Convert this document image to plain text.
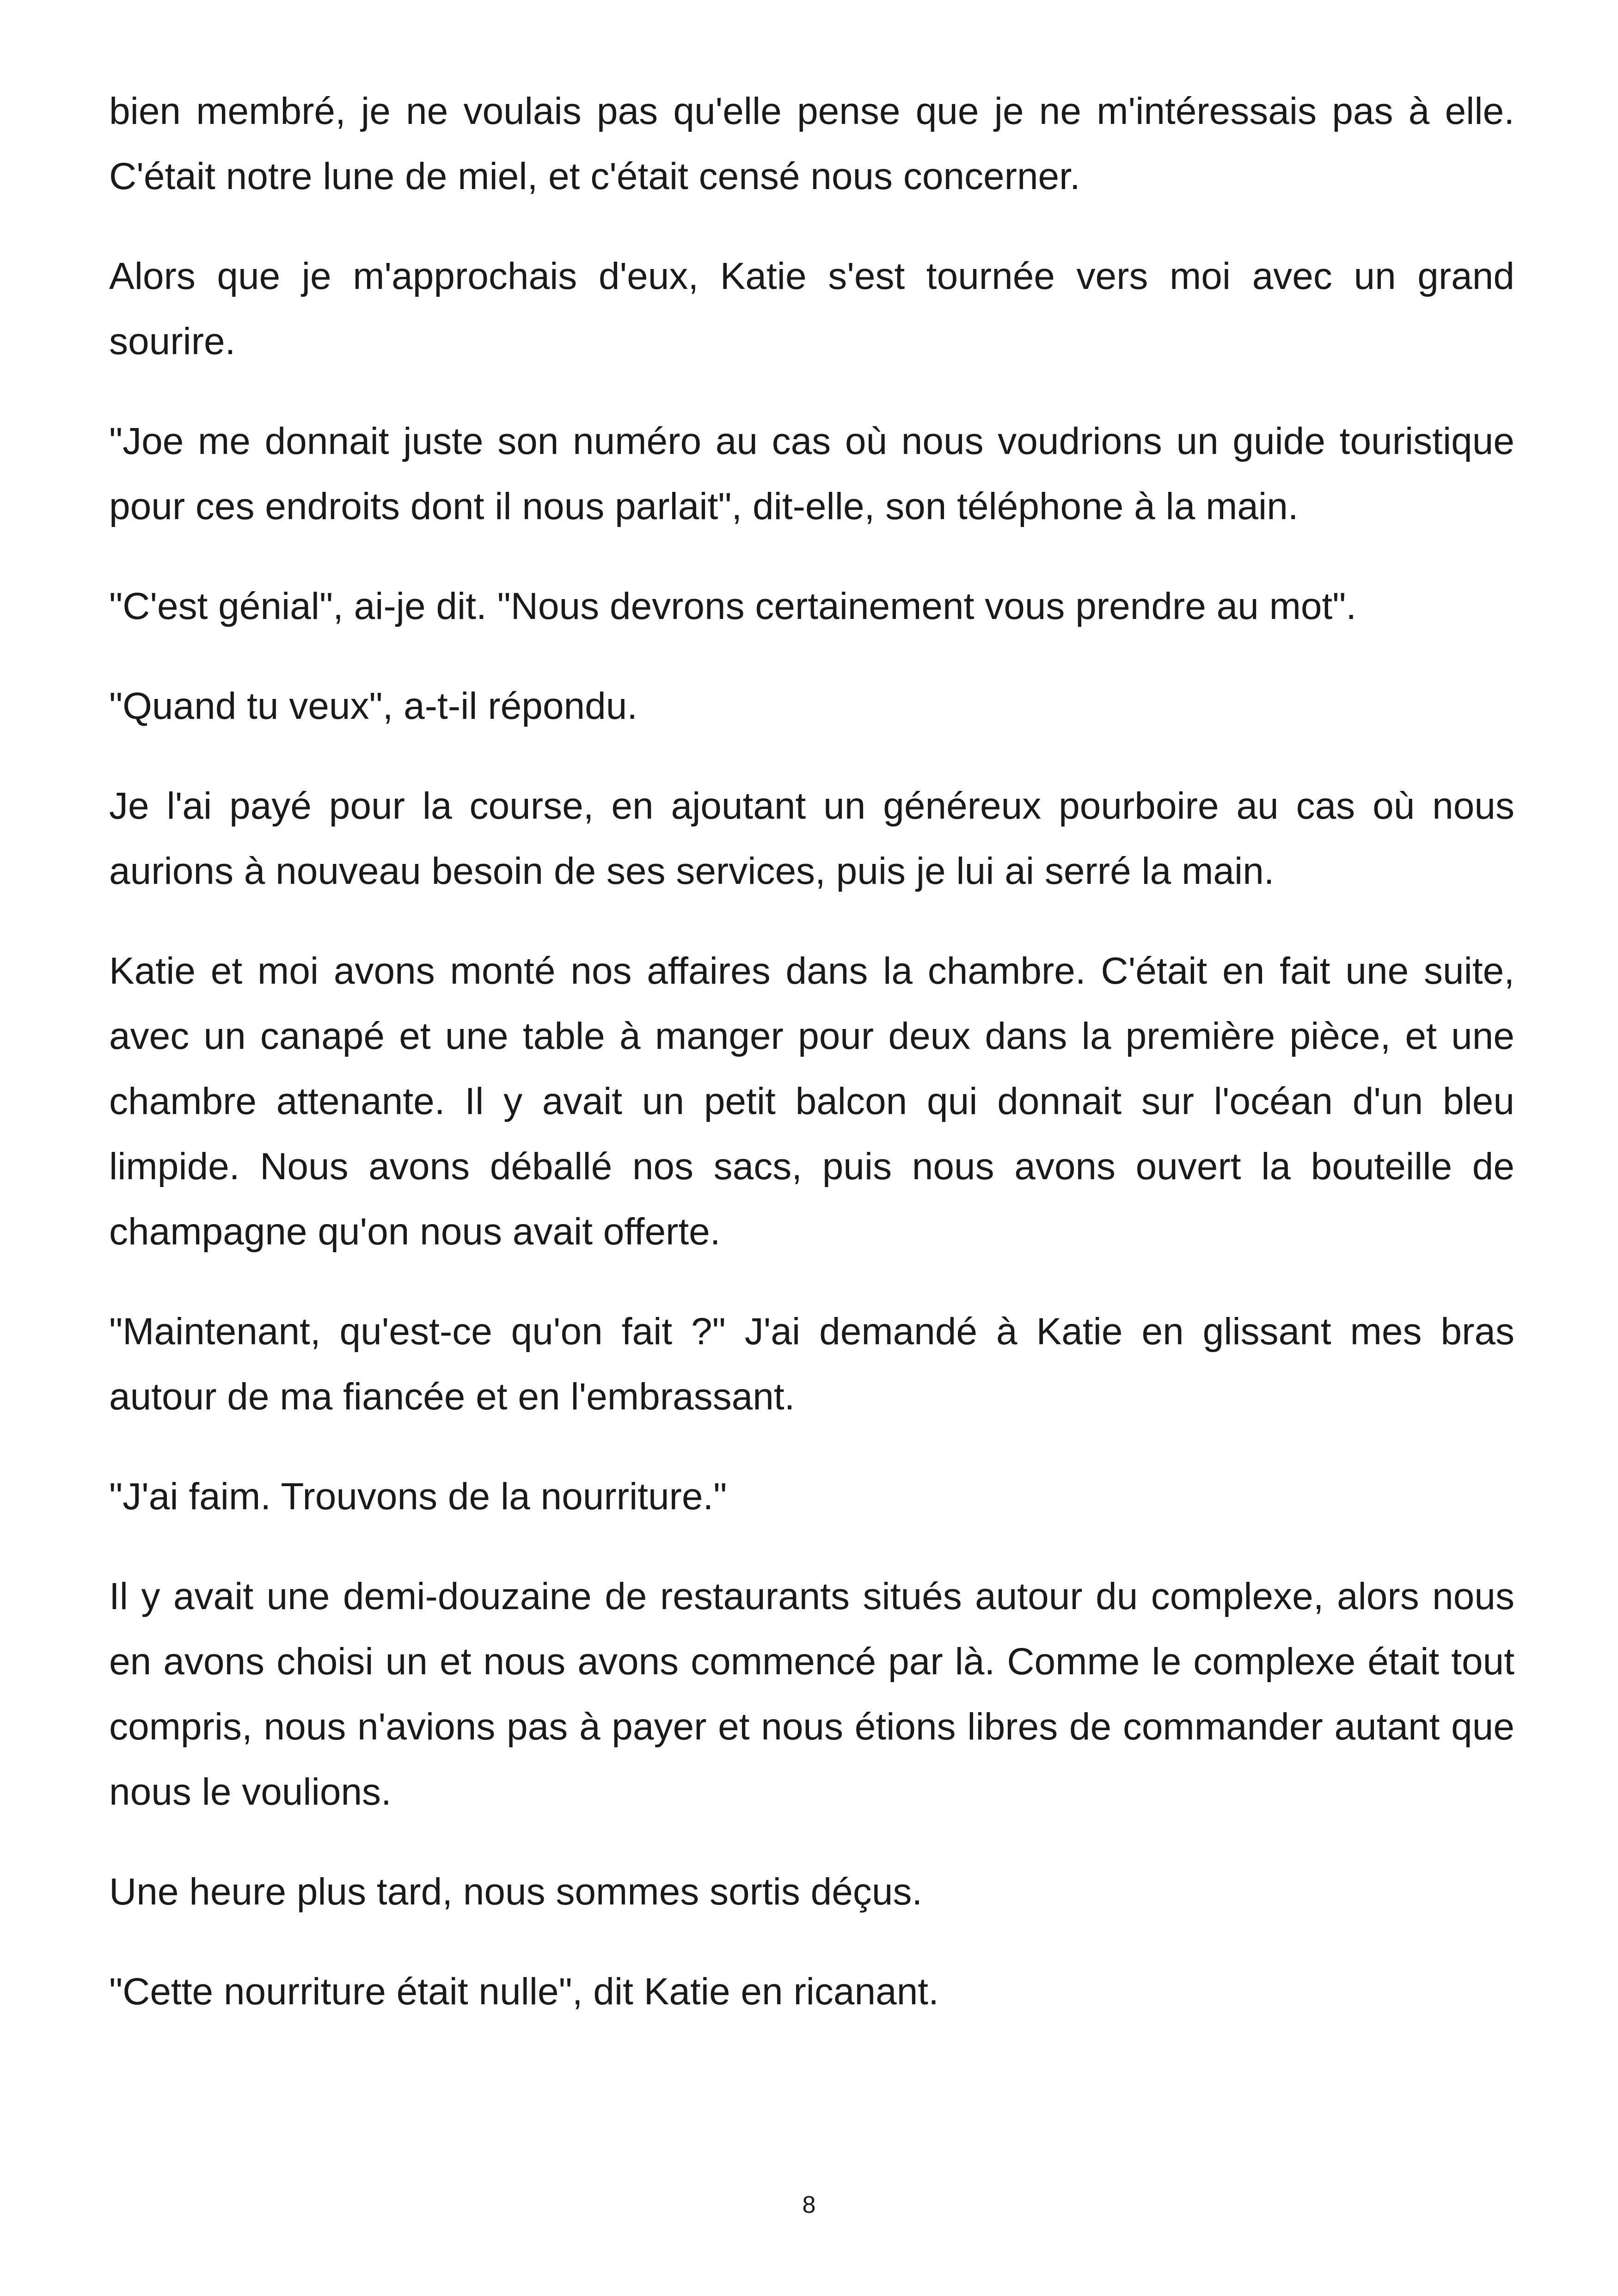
bien membré, je ne voulais pas qu'elle pense que je ne m'intéressais pas à elle. C'était notre lune de miel, et c'était censé nous concerner.

Alors que je m'approchais d'eux, Katie s'est tournée vers moi avec un grand sourire.

"Joe me donnait juste son numéro au cas où nous voudrions un guide touristique pour ces endroits dont il nous parlait", dit-elle, son téléphone à la main.

"C'est génial", ai-je dit. "Nous devrons certainement vous prendre au mot".

"Quand tu veux", a-t-il répondu.

Je l'ai payé pour la course, en ajoutant un généreux pourboire au cas où nous aurions à nouveau besoin de ses services, puis je lui ai serré la main.

Katie et moi avons monté nos affaires dans la chambre. C'était en fait une suite, avec un canapé et une table à manger pour deux dans la première pièce, et une chambre attenante. Il y avait un petit balcon qui donnait sur l'océan d'un bleu limpide. Nous avons déballé nos sacs, puis nous avons ouvert la bouteille de champagne qu'on nous avait offerte.

"Maintenant, qu'est-ce qu'on fait ?" J'ai demandé à Katie en glissant mes bras autour de ma fiancée et en l'embrassant.

"J'ai faim. Trouvons de la nourriture."

Il y avait une demi-douzaine de restaurants situés autour du complexe, alors nous en avons choisi un et nous avons commencé par là. Comme le complexe était tout compris, nous n'avions pas à payer et nous étions libres de commander autant que nous le voulions.

Une heure plus tard, nous sommes sortis déçus.

"Cette nourriture était nulle", dit Katie en ricanant.

8
